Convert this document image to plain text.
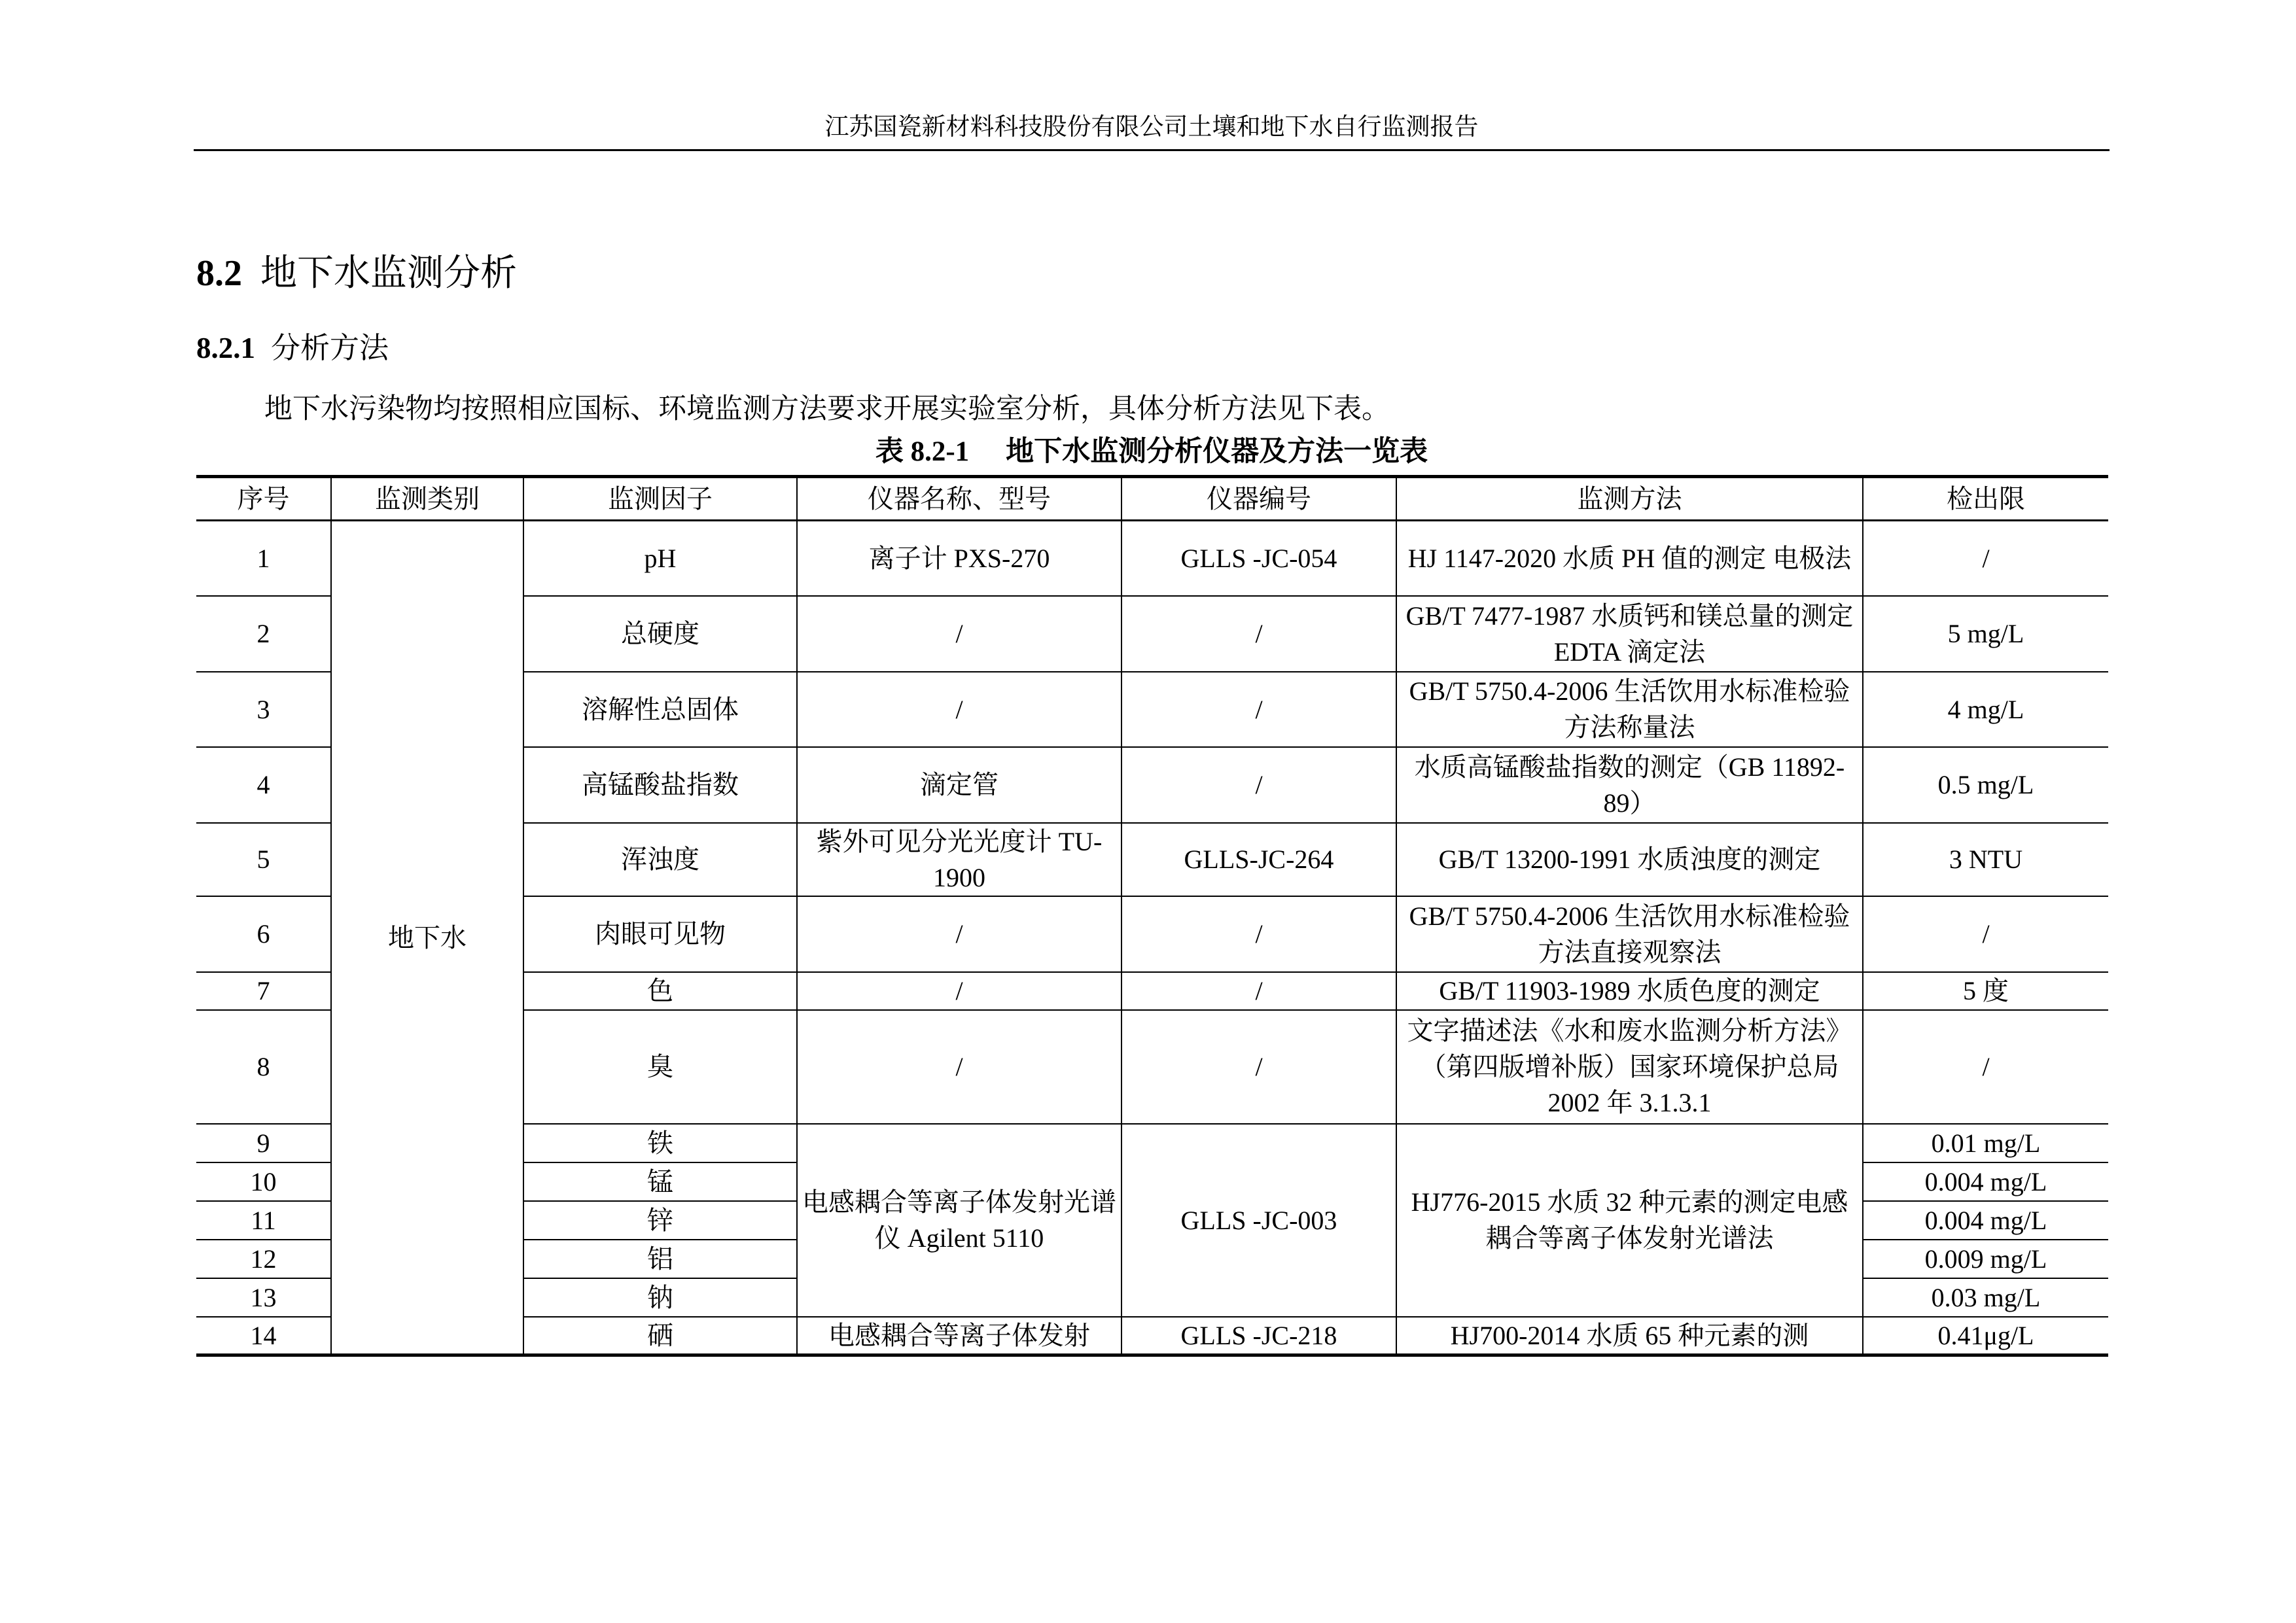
江苏国瓷新材料科技股份有限公司土壤和地下水自行监测报告
8.2 地下水监测分析
8.2.1 分析方法
地下水污染物均按照相应国标、环境监测方法要求开展实验室分析，具体分析方法见下表。
表 8.2-1 地下水监测分析仪器及方法一览表
序号	监测类别	监测因子	仪器名称、型号	仪器编号	监测方法	检出限
1	地下水	pH	离子计 PXS-270	GLLS -JC-054	HJ 1147-2020 水质 PH 值的测定 电极法	/
2		总硬度	/	/	GB/T 7477-1987 水质钙和镁总量的测定 EDTA 滴定法	5 mg/L
3		溶解性总固体	/	/	GB/T 5750.4-2006 生活饮用水标准检验方法称量法	4 mg/L
4		高锰酸盐指数	滴定管	/	水质高锰酸盐指数的测定（GB 11892-89）	0.5 mg/L
5		浑浊度	紫外可见分光光度计 TU-1900	GLLS-JC-264	GB/T 13200-1991 水质浊度的测定	3 NTU
6		肉眼可见物	/	/	GB/T 5750.4-2006 生活饮用水标准检验方法直接观察法	/
7		色	/	/	GB/T 11903-1989 水质色度的测定	5 度
8		臭	/	/	文字描述法《水和废水监测分析方法》（第四版增补版）国家环境保护总局 2002 年 3.1.3.1	/
9		铁	电感耦合等离子体发射光谱仪 Agilent 5110	GLLS -JC-003	HJ776-2015 水质 32 种元素的测定电感耦合等离子体发射光谱法	0.01 mg/L
10		锰				0.004 mg/L
11		锌				0.004 mg/L
12		铝				0.009 mg/L
13		钠				0.03 mg/L
14		硒	电感耦合等离子体发射	GLLS -JC-218	HJ700-2014 水质 65 种元素的测	0.41μg/L
